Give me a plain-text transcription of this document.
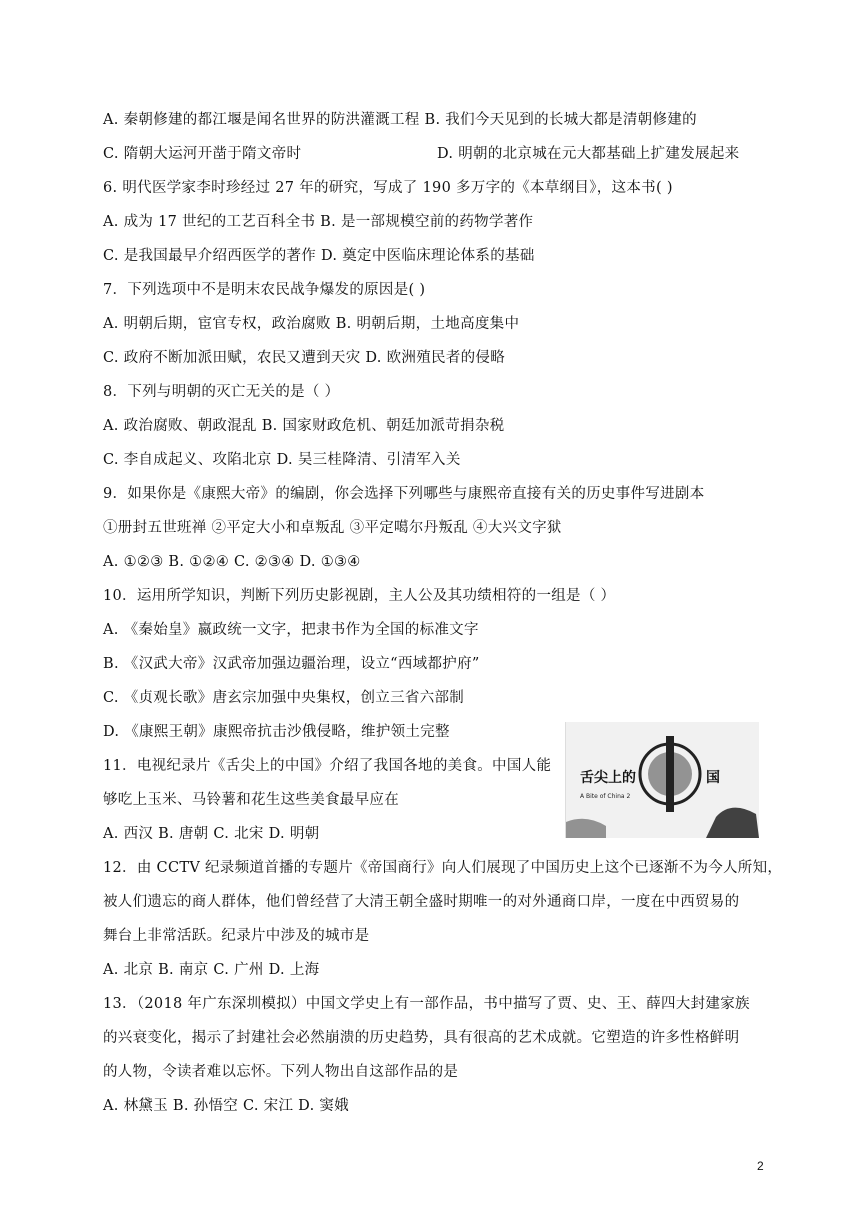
A. 秦朝修建的都江堰是闻名世界的防洪灌溉工程 B. 我们今天见到的长城大都是清朝修建的
C. 隋朝大运河开凿于隋文帝时	D. 明朝的北京城在元大都基础上扩建发展起来
6. 明代医学家李时珍经过 27 年的研究，写成了 190 多万字的《本草纲目》，这本书( )
A. 成为 17 世纪的工艺百科全书 B. 是一部规模空前的药物学著作
C. 是我国最早介绍西医学的著作 D. 奠定中医临床理论体系的基础
7．下列选项中不是明末农民战争爆发的原因是( )
A. 明朝后期，宦官专权，政治腐败 B. 明朝后期，土地高度集中
C. 政府不断加派田赋，农民又遭到天灾 D. 欧洲殖民者的侵略
8．下列与明朝的灭亡无关的是（ ）
A. 政治腐败、朝政混乱 B. 国家财政危机、朝廷加派苛捐杂税
C. 李自成起义、攻陷北京 D. 吴三桂降清、引清军入关
9．如果你是《康熙大帝》的编剧，你会选择下列哪些与康熙帝直接有关的历史事件写进剧本
①册封五世班禅 ②平定大小和卓叛乱 ③平定噶尔丹叛乱 ④大兴文字狱
A. ①②③ B. ①②④ C. ②③④ D. ①③④
10．运用所学知识，判断下列历史影视剧，主人公及其功绩相符的一组是（ ）
A. 《秦始皇》嬴政统一文字，把隶书作为全国的标准文字
B. 《汉武大帝》汉武帝加强边疆治理，设立“西域都护府”
C. 《贞观长歌》唐玄宗加强中央集权，创立三省六部制
D. 《康熙王朝》康熙帝抗击沙俄侵略，维护领土完整
11．电视纪录片《舌尖上的中国》介绍了我国各地的美食。中国人能
够吃上玉米、马铃薯和花生这些美食最早应在
A. 西汉 B. 唐朝 C. 北宋 D. 明朝
舌尖上的	国
A Bite of China 2
12．由 CCTV 纪录频道首播的专题片《帝国商行》向人们展现了中国历史上这个已逐渐不为今人所知，
被人们遗忘的商人群体，他们曾经营了大清王朝全盛时期唯一的对外通商口岸，一度在中西贸易的
舞台上非常活跃。纪录片中涉及的城市是
A. 北京 B. 南京 C. 广州 D. 上海
13．（2018 年广东深圳模拟）中国文学史上有一部作品，书中描写了贾、史、王、薛四大封建家族
的兴衰变化，揭示了封建社会必然崩溃的历史趋势，具有很高的艺术成就。它塑造的许多性格鲜明
的人物，令读者难以忘怀。下列人物出自这部作品的是
A. 林黛玉 B. 孙悟空 C. 宋江 D. 窦娥
2
